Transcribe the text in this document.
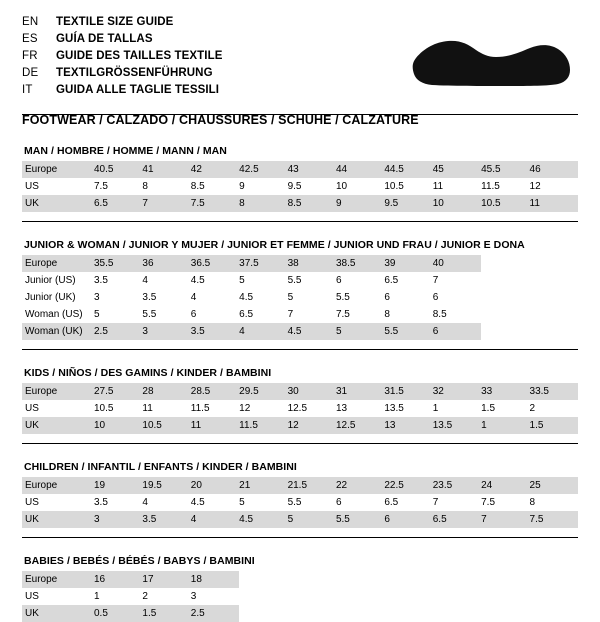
EN	TEXTILE SIZE GUIDE
ES	GUÍA DE TALLAS
FR	GUIDE DES TAILLES TEXTILE
DE	TEXTILGRÖSSENFÜHRUNG
IT	GUIDA ALLE TAGLIE TESSILI
FOOTWEAR / CALZADO / CHAUSSURES / SCHUHE / CALZATURE
MAN / HOMBRE / HOMME / MANN / MAN
Europe	40.5	41	42	42.5	43	44	44.5	45	45.5	46
US	7.5	8	8.5	9	9.5	10	10.5	11	11.5	12
UK	6.5	7	7.5	8	8.5	9	9.5	10	10.5	11
JUNIOR & WOMAN / JUNIOR Y MUJER / JUNIOR ET FEMME / JUNIOR UND FRAU / JUNIOR E DONA
Europe	35.5	36	36.5	37.5	38	38.5	39	40		
Junior (US)	3.5	4	4.5	5	5.5	6	6.5	7		
Junior (UK)	3	3.5	4	4.5	5	5.5	6	6		
Woman (US)	5	5.5	6	6.5	7	7.5	8	8.5		
Woman (UK)	2.5	3	3.5	4	4.5	5	5.5	6		
KIDS / NIÑOS / DES GAMINS / KINDER / BAMBINI
Europe	27.5	28	28.5	29.5	30	31	31.5	32	33	33.5
US	10.5	11	11.5	12	12.5	13	13.5	1	1.5	2
UK	10	10.5	11	11.5	12	12.5	13	13.5	1	1.5
CHILDREN / INFANTIL / ENFANTS / KINDER / BAMBINI
Europe	19	19.5	20	21	21.5	22	22.5	23.5	24	25
US	3.5	4	4.5	5	5.5	6	6.5	7	7.5	8
UK	3	3.5	4	4.5	5	5.5	6	6.5	7	7.5
BABIES / BEBÉS / BÉBÉS / BABYS / BAMBINI
Europe	16	17	18							
US	1	2	3							
UK	0.5	1.5	2.5							
